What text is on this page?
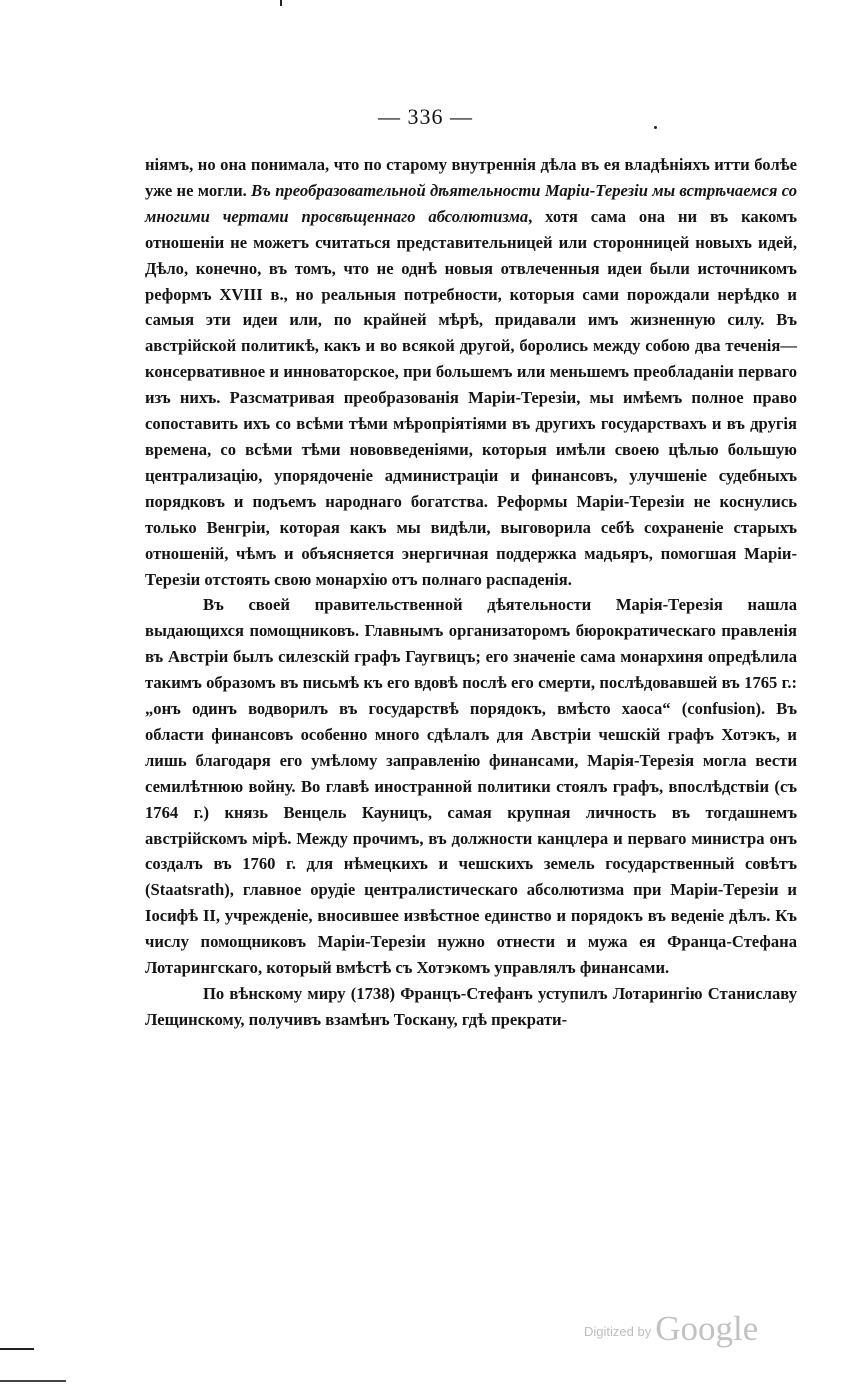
— 336 —

ніямъ, но она понимала, что по старому внутреннія дѣла въ ея владѣніяхъ итти болѣе уже не могли. Въ преобразовательной дѣятельности Маріи-Терезіи мы встрѣчаемся со многими чертами просвѣщеннаго абсолютизма, хотя сама она ни въ какомъ отношеніи не можетъ считаться представительницей или сторонницей новыхъ идей, Дѣло, конечно, въ томъ, что не однѣ новыя отвлеченныя идеи были источникомъ реформъ XVIII в., но реальныя потребности, которыя сами порождали нерѣдко и самыя эти идеи или, по крайней мѣрѣ, придавали имъ жизненную силу. Въ австрійской политикѣ, какъ и во всякой другой, боролись между собою два теченія—консервативное и инноваторское, при большемъ или меньшемъ преобладаніи перваго изъ нихъ. Разсматривая преобразованія Маріи-Терезіи, мы имѣемъ полное право сопоставить ихъ со всѣми тѣми мѣропріятіями въ другихъ государствахъ и въ другія времена, со всѣми тѣми нововведеніями, которыя имѣли своею цѣлью большую централизацію, упорядоченіе администраціи и финансовъ, улучшеніе судебныхъ порядковъ и подъемъ народнаго богатства. Реформы Маріи-Терезіи не коснулись только Венгріи, которая какъ мы видѣли, выговорила себѣ сохраненіе старыхъ отношеній, чѣмъ и объясняется энергичная поддержка мадьяръ, помогшая Маріи-Терезіи отстоять свою монархію отъ полнаго распаденія.

Въ своей правительственной дѣятельности Марія-Терезія нашла выдающихся помощниковъ. Главнымъ организаторомъ бюрократическаго правленія въ Австріи былъ силезскій графъ Гаугвицъ; его значеніе сама монархиня опредѣлила такимъ образомъ въ письмѣ къ его вдовѣ послѣ его смерти, послѣдовавшей въ 1765 г.: „онъ одинъ водворилъ въ государствѣ порядокъ, вмѣсто хаоса“ (confusion). Въ области финансовъ особенно много сдѣлалъ для Австріи чешскій графъ Хотэкъ, и лишь благодаря его умѣлому заправленію финансами, Марія-Терезія могла вести семилѣтнюю войну. Во главѣ иностранной политики стоялъ графъ, впослѣдствіи (съ 1764 г.) князь Венцель Кауницъ, самая крупная личность въ тогдашнемъ австрійскомъ мірѣ. Между прочимъ, въ должности канцлера и перваго министра онъ создалъ въ 1760 г. для нѣмецкихъ и чешскихъ земель государственный совѣтъ (Staatsrath), главное орудіе централистическаго абсолютизма при Маріи-Терезіи и Іосифѣ II, учрежденіе, вносившее извѣстное единство и порядокъ въ веденіе дѣлъ. Къ числу помощниковъ Маріи-Терезіи нужно отнести и мужа ея Франца-Стефана Лотарингскаго, который вмѣстѣ съ Хотэкомъ управлялъ финансами.

По вѣнскому миру (1738) Францъ-Стефанъ уступилъ Лотарингію Станиславу Лещинскому, получивъ взамѣнъ Тоскану, гдѣ прекрати-

Digitized by Google
